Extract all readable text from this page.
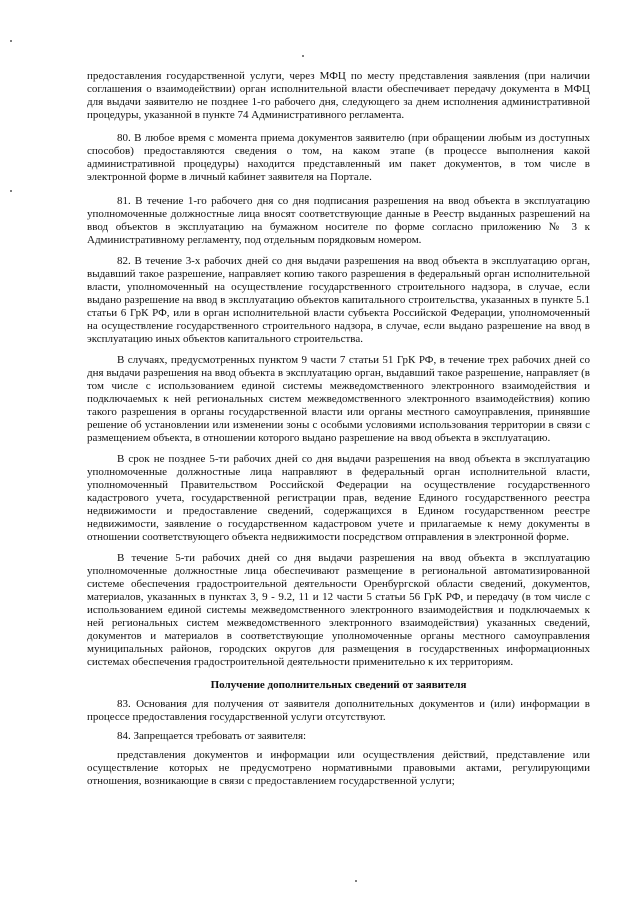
предоставления государственной услуги, через МФЦ по месту представления заявления (при наличии соглашения о взаимодействии) орган исполнительной власти обеспечивает передачу документа в МФЦ для выдачи заявителю не позднее 1-го рабочего дня, следующего за днем исполнения административной процедуры, указанной в пункте 74 Административного регламента.

80. В любое время с момента приема документов заявителю (при обращении любым из доступных способов) предоставляются сведения о том, на каком этапе (в процессе выполнения какой административной процедуры) находится представленный им пакет документов, в том числе в электронной форме в личный кабинет заявителя на Портале.

81. В течение 1-го рабочего дня со дня подписания разрешения на ввод объекта в эксплуатацию уполномоченные должностные лица вносят соответствующие данные в Реестр выданных разрешений на ввод объектов в эксплуатацию на бумажном носителе по форме согласно приложению № 3 к Административному регламенту, под отдельным порядковым номером.

82. В течение 3-х рабочих дней со дня выдачи разрешения на ввод объекта в эксплуатацию орган, выдавший такое разрешение, направляет копию такого разрешения в федеральный орган исполнительной власти, уполномоченный на осуществление государственного строительного надзора, в случае, если выдано разрешение на ввод в эксплуатацию объектов капитального строительства, указанных в пункте 5.1 статьи 6 ГрК РФ, или в орган исполнительной власти субъекта Российской Федерации, уполномоченный на осуществление государственного строительного надзора, в случае, если выдано разрешение на ввод в эксплуатацию иных объектов капитального строительства.

В случаях, предусмотренных пунктом 9 части 7 статьи 51 ГрК РФ, в течение трех рабочих дней со дня выдачи разрешения на ввод объекта в эксплуатацию орган, выдавший такое разрешение, направляет (в том числе с использованием единой системы межведомственного электронного взаимодействия и подключаемых к ней региональных систем межведомственного электронного взаимодействия) копию такого разрешения в органы государственной власти или органы местного самоуправления, принявшие решение об установлении или изменении зоны с особыми условиями использования территории в связи с размещением объекта, в отношении которого выдано разрешение на ввод объекта в эксплуатацию.

В срок не позднее 5-ти рабочих дней со дня выдачи разрешения на ввод объекта в эксплуатацию уполномоченные должностные лица направляют в федеральный орган исполнительной власти, уполномоченный Правительством Российской Федерации на осуществление государственного кадастрового учета, государственной регистрации прав, ведение Единого государственного реестра недвижимости и предоставление сведений, содержащихся в Едином государственном реестре недвижимости, заявление о государственном кадастровом учете и прилагаемые к нему документы в отношении соответствующего объекта недвижимости посредством отправления в электронной форме.

В течение 5-ти рабочих дней со дня выдачи разрешения на ввод объекта в эксплуатацию уполномоченные должностные лица обеспечивают размещение в региональной автоматизированной системе обеспечения градостроительной деятельности Оренбургской области сведений, документов, материалов, указанных в пунктах 3, 9 - 9.2, 11 и 12 части 5 статьи 56 ГрК РФ, и передачу (в том числе с использованием единой системы межведомственного электронного взаимодействия и подключаемых к ней региональных систем межведомственного электронного взаимодействия) указанных сведений, документов и материалов в соответствующие уполномоченные органы местного самоуправления муниципальных районов, городских округов для размещения в государственных информационных системах обеспечения градостроительной деятельности применительно к их территориям.

Получение дополнительных сведений от заявителя

83. Основания для получения от заявителя дополнительных документов и (или) информации в процессе предоставления государственной услуги отсутствуют.

84. Запрещается требовать от заявителя:

представления документов и информации или осуществления действий, представление или осуществление которых не предусмотрено нормативными правовыми актами, регулирующими отношения, возникающие в связи с предоставлением государственной услуги;
